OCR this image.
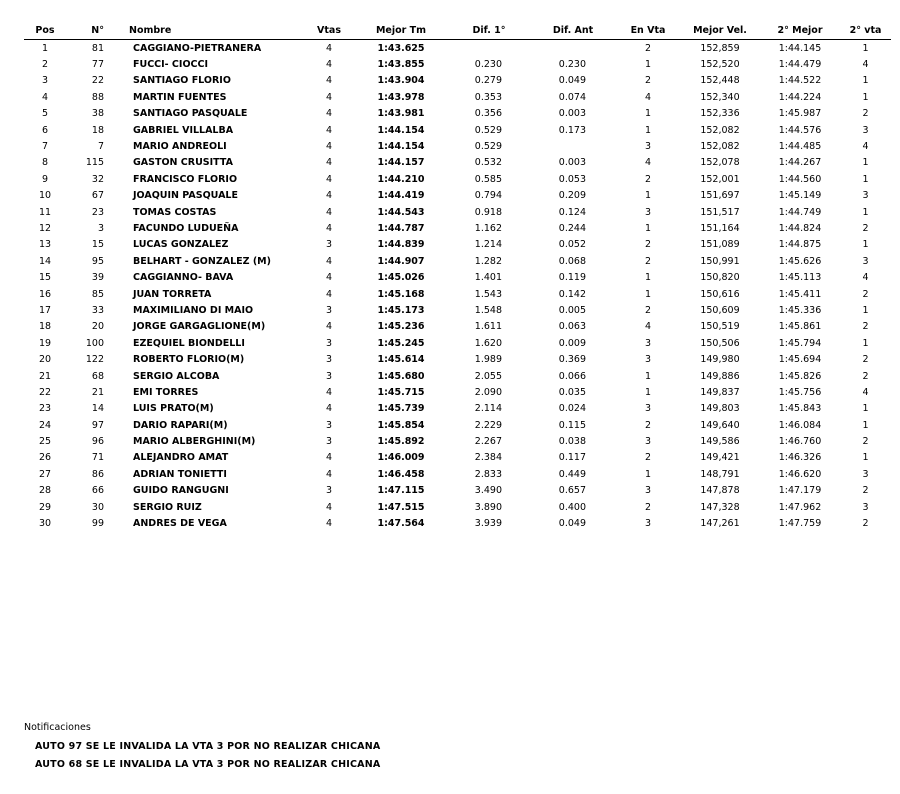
Pos	N°	Nombre	Vtas	Mejor Tm	Dif. 1°	Dif. Ant	En Vta	Mejor Vel.	2° Mejor	2° vta
1	81	CAGGIANO-PIETRANERA	4	1:43.625			2	152,859	1:44.145	1
2	77	FUCCI- CIOCCI	4	1:43.855	0.230	0.230	1	152,520	1:44.479	4
3	22	SANTIAGO FLORIO	4	1:43.904	0.279	0.049	2	152,448	1:44.522	1
4	88	MARTIN FUENTES	4	1:43.978	0.353	0.074	4	152,340	1:44.224	1
5	38	SANTIAGO PASQUALE	4	1:43.981	0.356	0.003	1	152,336	1:45.987	2
6	18	GABRIEL VILLALBA	4	1:44.154	0.529	0.173	1	152,082	1:44.576	3
7	7	MARIO ANDREOLI	4	1:44.154	0.529		3	152,082	1:44.485	4
8	115	GASTON CRUSITTA	4	1:44.157	0.532	0.003	4	152,078	1:44.267	1
9	32	FRANCISCO FLORIO	4	1:44.210	0.585	0.053	2	152,001	1:44.560	1
10	67	JOAQUIN PASQUALE	4	1:44.419	0.794	0.209	1	151,697	1:45.149	3
11	23	TOMAS COSTAS	4	1:44.543	0.918	0.124	3	151,517	1:44.749	1
12	3	FACUNDO LUDUEÑA	4	1:44.787	1.162	0.244	1	151,164	1:44.824	2
13	15	LUCAS GONZALEZ	3	1:44.839	1.214	0.052	2	151,089	1:44.875	1
14	95	BELHART - GONZALEZ (M)	4	1:44.907	1.282	0.068	2	150,991	1:45.626	3
15	39	CAGGIANNO- BAVA	4	1:45.026	1.401	0.119	1	150,820	1:45.113	4
16	85	JUAN TORRETA	4	1:45.168	1.543	0.142	1	150,616	1:45.411	2
17	33	MAXIMILIANO DI MAIO	3	1:45.173	1.548	0.005	2	150,609	1:45.336	1
18	20	JORGE GARGAGLIONE(M)	4	1:45.236	1.611	0.063	4	150,519	1:45.861	2
19	100	EZEQUIEL BIONDELLI	3	1:45.245	1.620	0.009	3	150,506	1:45.794	1
20	122	ROBERTO FLORIO(M)	3	1:45.614	1.989	0.369	3	149,980	1:45.694	2
21	68	SERGIO ALCOBA	3	1:45.680	2.055	0.066	1	149,886	1:45.826	2
22	21	EMI TORRES	4	1:45.715	2.090	0.035	1	149,837	1:45.756	4
23	14	LUIS PRATO(M)	4	1:45.739	2.114	0.024	3	149,803	1:45.843	1
24	97	DARIO RAPARI(M)	3	1:45.854	2.229	0.115	2	149,640	1:46.084	1
25	96	MARIO ALBERGHINI(M)	3	1:45.892	2.267	0.038	3	149,586	1:46.760	2
26	71	ALEJANDRO AMAT	4	1:46.009	2.384	0.117	2	149,421	1:46.326	1
27	86	ADRIAN TONIETTI	4	1:46.458	2.833	0.449	1	148,791	1:46.620	3
28	66	GUIDO RANGUGNI	3	1:47.115	3.490	0.657	3	147,878	1:47.179	2
29	30	SERGIO RUIZ	4	1:47.515	3.890	0.400	2	147,328	1:47.962	3
30	99	ANDRES DE VEGA	4	1:47.564	3.939	0.049	3	147,261	1:47.759	2
Notificaciones
AUTO 97 SE LE INVALIDA LA VTA 3 POR NO REALIZAR CHICANA
AUTO 68 SE LE INVALIDA LA VTA 3 POR NO REALIZAR CHICANA
